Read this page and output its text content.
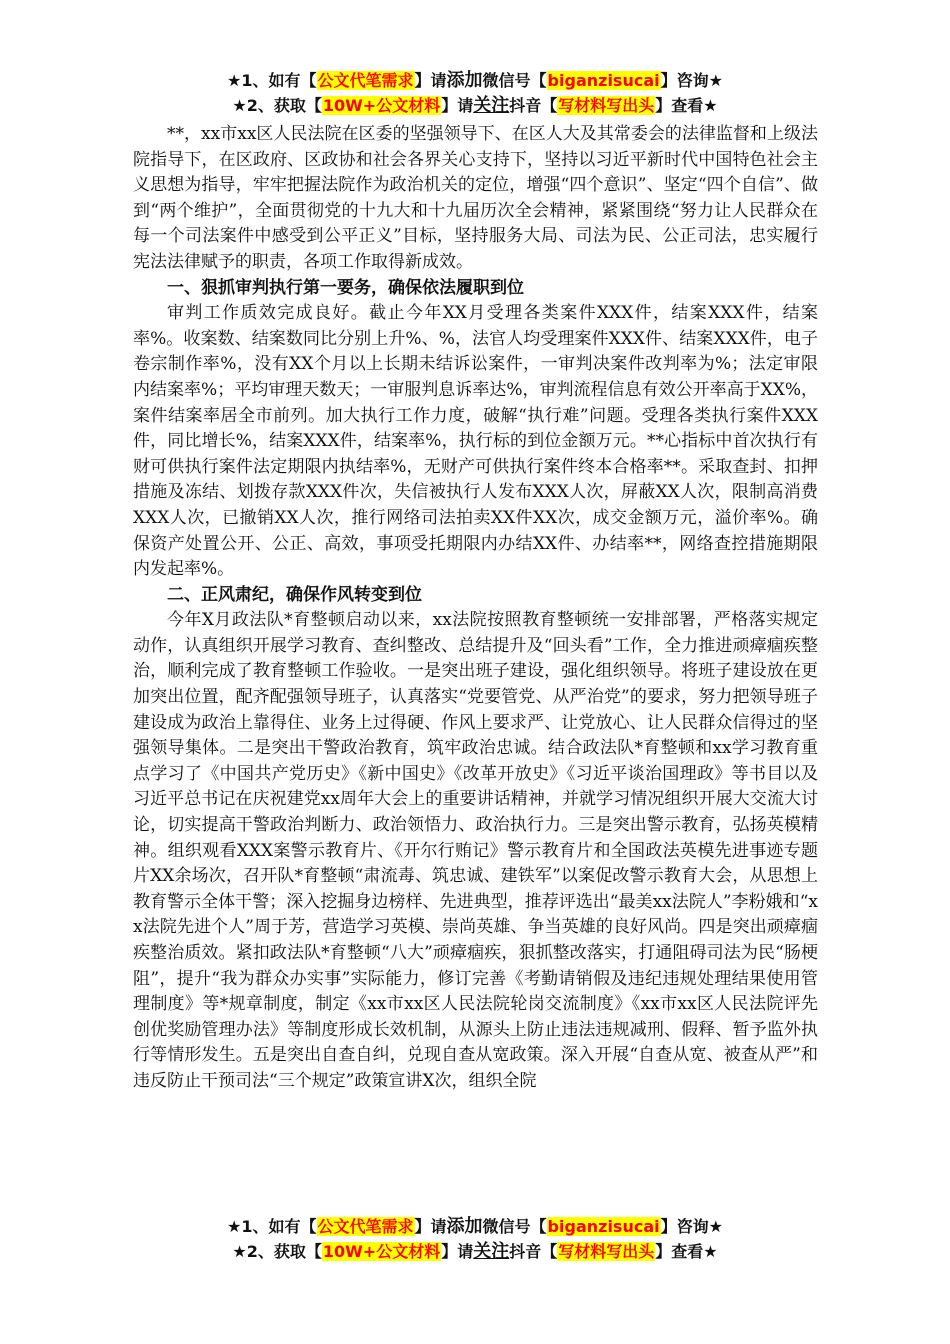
★1、如有【公文代笔需求】请添加微信号【biganzisucai】咨询★
★2、获取【10W+公文材料】请关注抖音【写材料写出头】查看★

**，xx市xx区人民法院在区委的坚强领导下、在区人大及其常委会的法律监督和上级法院指导下，在区政府、区政协和社会各界关心支持下，坚持以习近平新时代中国特色社会主义思想为指导，牢牢把握法院作为政治机关的定位，增强“四个意识”、坚定“四个自信”、做到“两个维护”，全面贯彻党的十九大和十九届历次全会精神，紧紧围绕“努力让人民群众在每一个司法案件中感受到公平正义”目标，坚持服务大局、司法为民、公正司法，忠实履行宪法法律赋予的职责，各项工作取得新成效。

一、狠抓审判执行第一要务，确保依法履职到位

审判工作质效完成良好。截止今年XX月受理各类案件XXX件，结案XXX件，结案率%。收案数、结案数同比分别上升%、%，法官人均受理案件XXX件、结案XXX件，电子卷宗制作率%，没有XX个月以上长期未结诉讼案件，一审判决案件改判率为%；法定审限内结案率%；平均审理天数天；一审服判息诉率达%，审判流程信息有效公开率高于XX%，案件结案率居全市前列。加大执行工作力度，破解“执行难”问题。受理各类执行案件XXX件，同比增长%，结案XXX件，结案率%，执行标的到位金额万元。**心指标中首次执行有财可供执行案件法定期限内执结率%，无财产可供执行案件终本合格率**。采取查封、扣押措施及冻结、划拨存款XXX件次，失信被执行人发布XXX人次，屏蔽XX人次，限制高消费XXX人次，已撤销XX人次，推行网络司法拍卖XX件XX次，成交金额万元，溢价率%。确保资产处置公开、公正、高效，事项受托期限内办结XX件、办结率**，网络查控措施期限内发起率%。

二、正风肃纪，确保作风转变到位

今年X月政法队*育整顿启动以来，xx法院按照教育整顿统一安排部署，严格落实规定动作，认真组织开展学习教育、查纠整改、总结提升及“回头看”工作，全力推进顽瘴痼疾整治，顺利完成了教育整顿工作验收。一是突出班子建设，强化组织领导。将班子建设放在更加突出位置，配齐配强领导班子，认真落实“党要管党、从严治党”的要求，努力把领导班子建设成为政治上靠得住、业务上过得硬、作风上要求严、让党放心、让人民群众信得过的坚强领导集体。二是突出干警政治教育，筑牢政治忠诚。结合政法队*育整顿和xx学习教育重点学习了《中国共产党历史》《新中国史》《改革开放史》《习近平谈治国理政》等书目以及习近平总书记在庆祝建党xx周年大会上的重要讲话精神，并就学习情况组织开展大交流大讨论，切实提高干警政治判断力、政治领悟力、政治执行力。三是突出警示教育，弘扬英模精神。组织观看XXX案警示教育片、《开尔行贿记》警示教育片和全国政法英模先进事迹专题片XX余场次，召开队*育整顿“肃流毒、筑忠诚、建铁军”以案促改警示教育大会，从思想上教育警示全体干警；深入挖掘身边榜样、先进典型，推荐评选出“最美xx法院人”李粉娥和“xx法院先进个人”周于芳，营造学习英模、崇尚英雄、争当英雄的良好风尚。四是突出顽瘴痼疾整治质效。紧扣政法队*育整顿“八大”顽瘴痼疾，狠抓整改落实，打通阻碍司法为民“肠梗阻”，提升“我为群众办实事”实际能力，修订完善《考勤请销假及违纪违规处理结果使用管理制度》等*规章制度，制定《xx市xx区人民法院轮岗交流制度》《xx市xx区人民法院评先创优奖励管理办法》等制度形成长效机制，从源头上防止违法违规减刑、假释、暂予监外执行等情形发生。五是突出自查自纠，兑现自查从宽政策。深入开展“自查从宽、被查从严”和违反防止干预司法“三个规定”政策宣讲X次，组织全院

★1、如有【公文代笔需求】请添加微信号【biganzisucai】咨询★
★2、获取【10W+公文材料】请关注抖音【写材料写出头】查看★
